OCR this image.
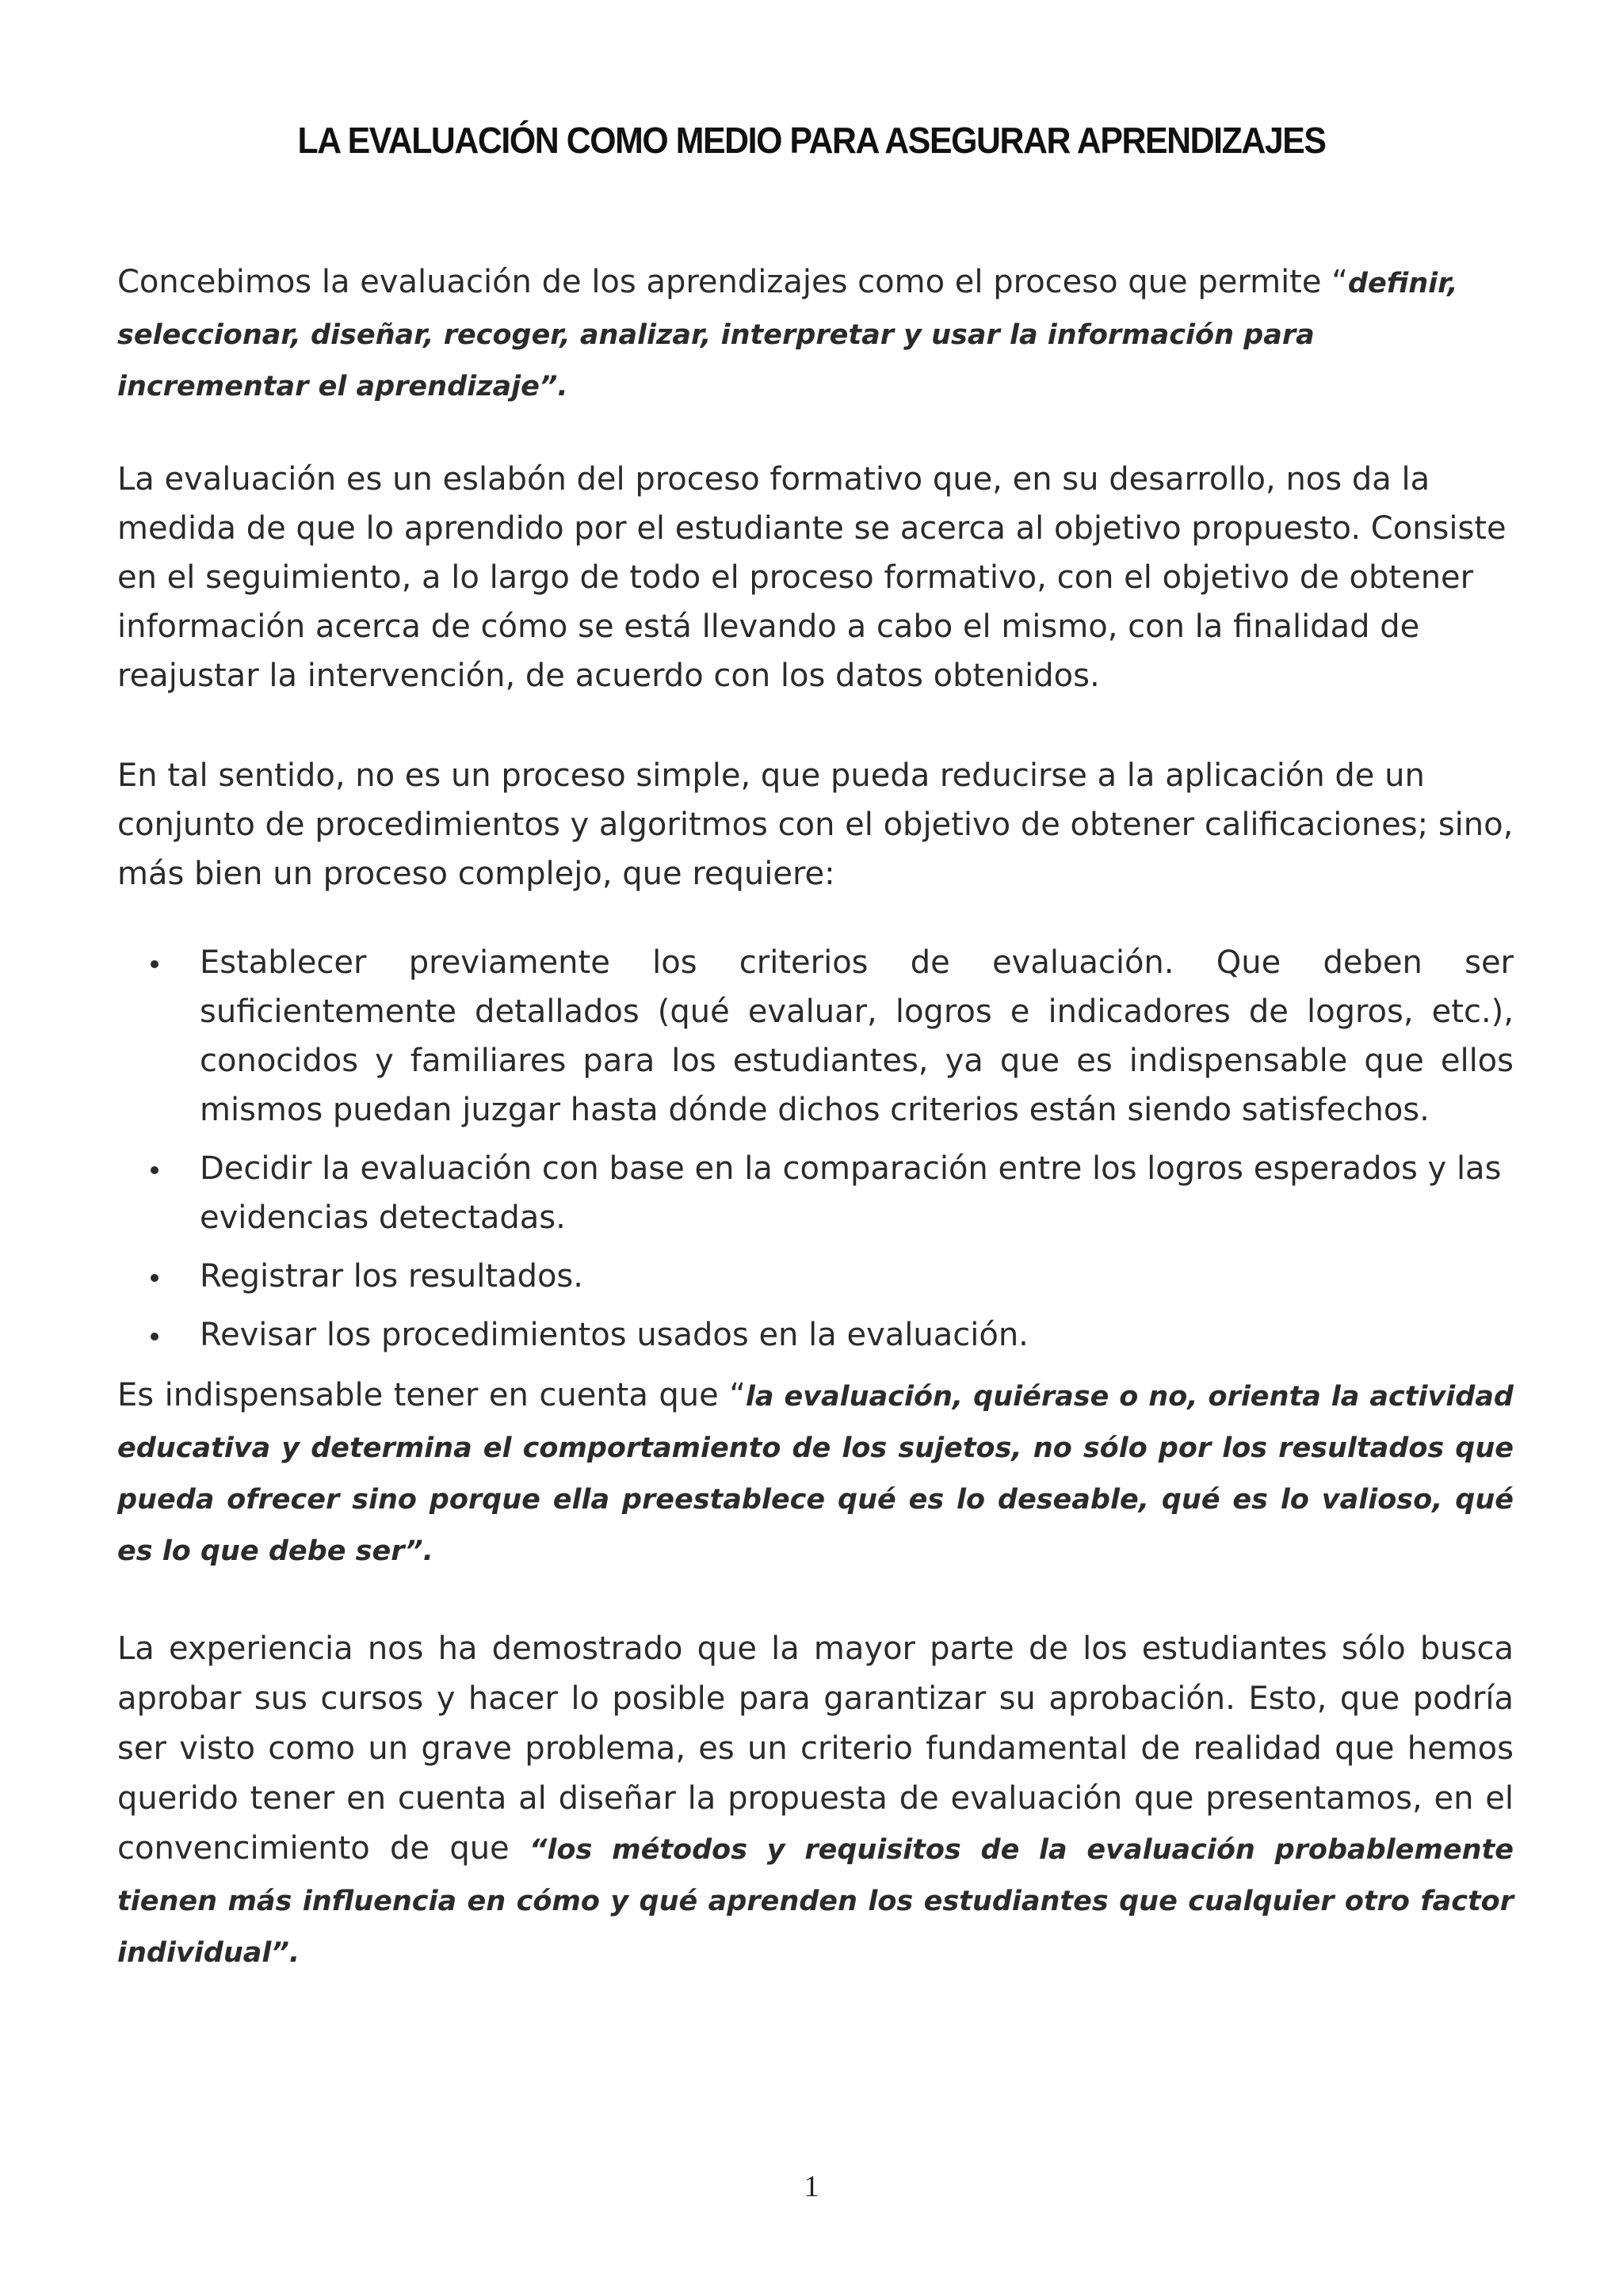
LA EVALUACIÓN COMO MEDIO PARA ASEGURAR APRENDIZAJES

Concebimos la evaluación de los aprendizajes como el proceso que permite “definir, seleccionar, diseñar, recoger, analizar, interpretar y usar la información para incrementar el aprendizaje”.

La evaluación es un eslabón del proceso formativo que, en su desarrollo, nos da la medida de que lo aprendido por el estudiante se acerca al objetivo propuesto. Consiste en el seguimiento, a lo largo de todo el proceso formativo, con el objetivo de obtener información acerca de cómo se está llevando a cabo el mismo, con la finalidad de reajustar la intervención, de acuerdo con los datos obtenidos.

En tal sentido, no es un proceso simple, que pueda reducirse a la aplicación de un conjunto de procedimientos y algoritmos con el objetivo de obtener calificaciones; sino, más bien un proceso complejo, que requiere:

Establecer previamente los criterios de evaluación. Que deben ser suficientemente detallados (qué evaluar, logros e indicadores de logros, etc.), conocidos y familiares para los estudiantes, ya que es indispensable que ellos mismos puedan juzgar hasta dónde dichos criterios están siendo satisfechos.
Decidir la evaluación con base en la comparación entre los logros esperados y las evidencias detectadas.
Registrar los resultados.
Revisar los procedimientos usados en la evaluación.

Es indispensable tener en cuenta que “la evaluación, quiérase o no, orienta la actividad educativa y determina el comportamiento de los sujetos, no sólo por los resultados que pueda ofrecer sino porque ella preestablece qué es lo deseable, qué es lo valioso, qué es lo que debe ser”.

La experiencia nos ha demostrado que la mayor parte de los estudiantes sólo busca aprobar sus cursos y hacer lo posible para garantizar su aprobación. Esto, que podría ser visto como un grave problema, es un criterio fundamental de realidad que hemos querido tener en cuenta al diseñar la propuesta de evaluación que presentamos, en el convencimiento de que “los métodos y requisitos de la evaluación probablemente tienen más influencia en cómo y qué aprenden los estudiantes que cualquier otro factor individual”.

1
